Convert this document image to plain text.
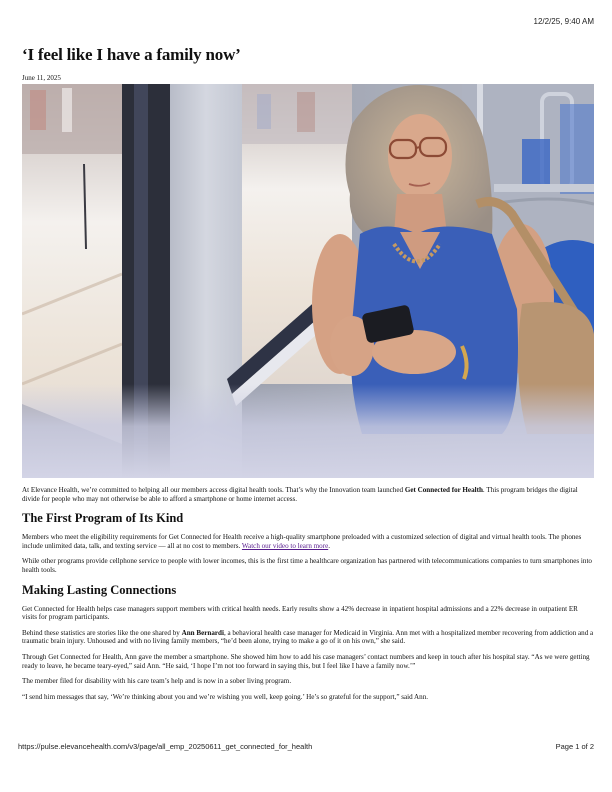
12/2/25, 9:40 AM
‘I feel like I have a family now’
June 11, 2025

At Elevance Health, we’re committed to helping all our members access digital health tools. That’s why the Innovation team launched Get Connected for Health. This program bridges the digital divide for people who may not otherwise be able to afford a smartphone or home internet access.

The First Program of Its Kind

Members who meet the eligibility requirements for Get Connected for Health receive a high-quality smartphone preloaded with a customized selection of digital and virtual health tools. The phones include unlimited data, talk, and texting service — all at no cost to members. Watch our video to learn more.

While other programs provide cellphone service to people with lower incomes, this is the first time a healthcare organization has partnered with telecommunications companies to turn smartphones into health tools.

Making Lasting Connections

Get Connected for Health helps case managers support members with critical health needs. Early results show a 42% decrease in inpatient hospital admissions and a 22% decrease in outpatient ER visits for program participants.

Behind these statistics are stories like the one shared by Ann Bernardi, a behavioral health case manager for Medicaid in Virginia. Ann met with a hospitalized member recovering from addiction and a traumatic brain injury. Unhoused and with no living family members, “he’d been alone, trying to make a go of it on his own,” she said.

Through Get Connected for Health, Ann gave the member a smartphone. She showed him how to add his case managers’ contact numbers and keep in touch after his hospital stay. “As we were getting ready to leave, he became teary-eyed,” said Ann. “He said, ‘I hope I’m not too forward in saying this, but I feel like I have a family now.’”

The member filed for disability with his care team’s help and is now in a sober living program.

“I send him messages that say, ‘We’re thinking about you and we’re wishing you well, keep going.’ He’s so grateful for the support,” said Ann.

https://pulse.elevancehealth.com/v3/page/all_emp_20250611_get_connected_for_health	Page 1 of 2
